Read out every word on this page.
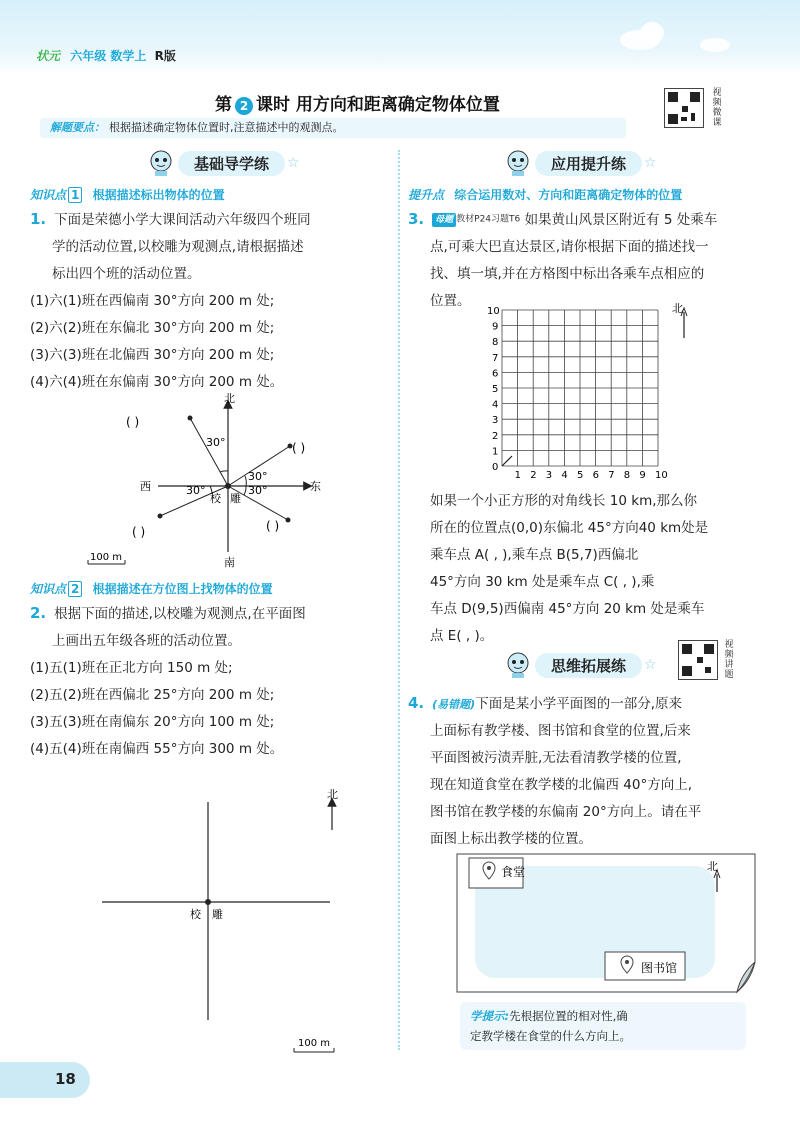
状元 六年级 数学上 R版
第 2 课时 用方向和距离确定物体位置
视
频
微
课
解题要点： 根据描述确定物体位置时,注意描述中的观测点。
基础导学练	☆
知识点 1 根据描述标出物体的位置
1. 下面是荣德小学大课间活动六年级四个班同
学的活动位置,以校雕为观测点,请根据描述
标出四个班的活动位置。
(1)六(1)班在西偏南 30°方向 200 m 处;
(2)六(2)班在东偏北 30°方向 200 m 处;
(3)六(3)班在北偏西 30°方向 200 m 处;
(4)六(4)班在东偏南 30°方向 200 m 处。
北
南
东
西
校 雕
30°
30°
30°	30°
( )
( )
( )	( )
100 m
知识点 2 根据描述在方位图上找物体的位置
2. 根据下面的描述,以校雕为观测点,在平面图
上画出五年级各班的活动位置。
(1)五(1)班在正北方向 150 m 处;
(2)五(2)班在西偏北 25°方向 200 m 处;
(3)五(3)班在南偏东 20°方向 100 m 处;
(4)五(4)班在南偏西 55°方向 300 m 处。
北
校 雕
100 m
应用提升练	☆
提升点 综合运用数对、方向和距离确定物体的位置
3. 母题 教材P24习题T6 如果黄山风景区附近有 5 处乘车
点,可乘大巴直达景区,请你根据下面的描述找一
找、填一填,并在方格图中标出各乘车点相应的
位置。
0
1
1
2
2
3
3
4
4
5
5
6
6
7
7
8
8
9
9
10
10	北
如果一个小正方形的对角线长 10 km,那么你
所在的位置点(0,0)东偏北 45°方向40 km处是
乘车点 A( , ),乘车点 B(5,7)西偏北
45°方向 30 km 处是乘车点 C( , ),乘
车点 D(9,5)西偏南 45°方向 20 km 处是乘车
点 E( , )。
思维拓展练	☆
视
频
讲
题
4. (易错题)下面是某小学平面图的一部分,原来
上面标有教学楼、图书馆和食堂的位置,后来
平面图被污渍弄脏,无法看清教学楼的位置,
现在知道食堂在教学楼的北偏西 40°方向上,
图书馆在教学楼的东偏南 20°方向上。请在平
面图上标出教学楼的位置。
食堂
图书馆
北
学提示:先根据位置的相对性,确
定教学楼在食堂的什么方向上。
18
